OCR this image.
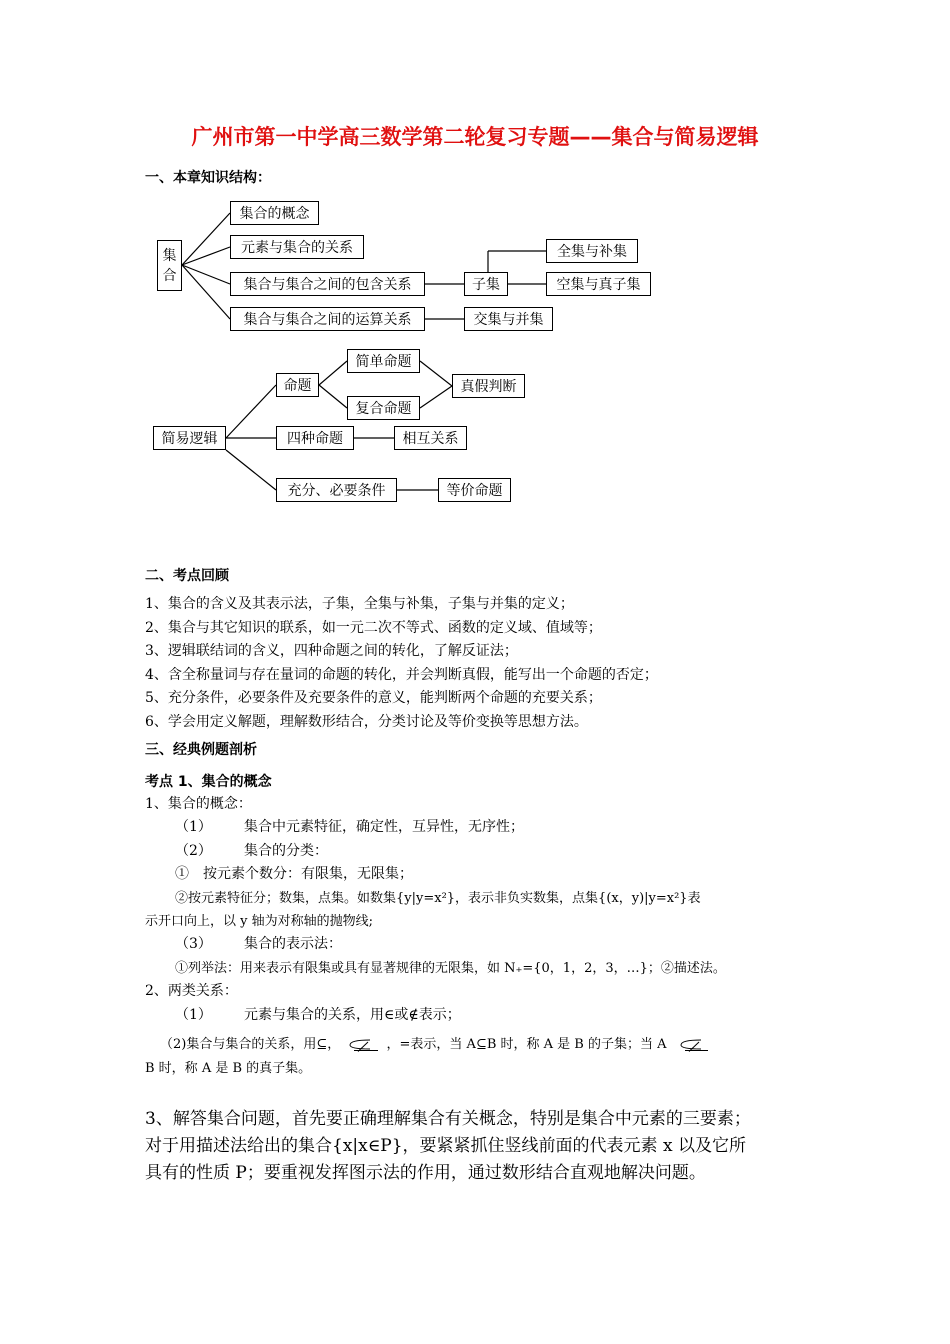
广州市第一中学高三数学第二轮复习专题——集合与简易逻辑
一、本章知识结构：
集合
集合的概念
元素与集合的关系
集合与集合之间的包含关系
集合与集合之间的运算关系
子集
全集与补集
空集与真子集
交集与并集
简易逻辑
命题
简单命题
复合命题
真假判断
四种命题	相互关系
充分、必要条件	等价命题
二、考点回顾
1、集合的含义及其表示法，子集，全集与补集，子集与并集的定义；
2、集合与其它知识的联系，如一元二次不等式、函数的定义域、值域等；
3、逻辑联结词的含义，四种命题之间的转化，了解反证法；
4、含全称量词与存在量词的命题的转化，并会判断真假，能写出一个命题的否定；
5、充分条件，必要条件及充要条件的意义，能判断两个命题的充要关系；
6、学会用定义解题，理解数形结合，分类讨论及等价变换等思想方法。
三、经典例题剖析
考点 1、集合的概念
1、集合的概念：
（1） 集合中元素特征，确定性，互异性，无序性；
（2） 集合的分类：
①　按元素个数分：有限集，无限集；
②按元素特征分；数集，点集。如数集{y|y=x²}，表示非负实数集，点集{(x，y)|y=x²}表
示开口向上，以 y 轴为对称轴的抛物线;
（3） 集合的表示法：
①列举法：用来表示有限集或具有显著规律的无限集，如 N₊={0，1，2，3，…}；②描述法。
2、两类关系：
（1） 元素与集合的关系，用∈或∉表示；
（2)集合与集合的关系，用⊆，	，=表示，当 A⊆B 时，称 A 是 B 的子集；当 A
B 时，称 A 是 B 的真子集。
3、解答集合问题，首先要正确理解集合有关概念，特别是集合中元素的三要素；
对于用描述法给出的集合{x|x∈P}，要紧紧抓住竖线前面的代表元素 x 以及它所
具有的性质 P；要重视发挥图示法的作用，通过数形结合直观地解决问题。
